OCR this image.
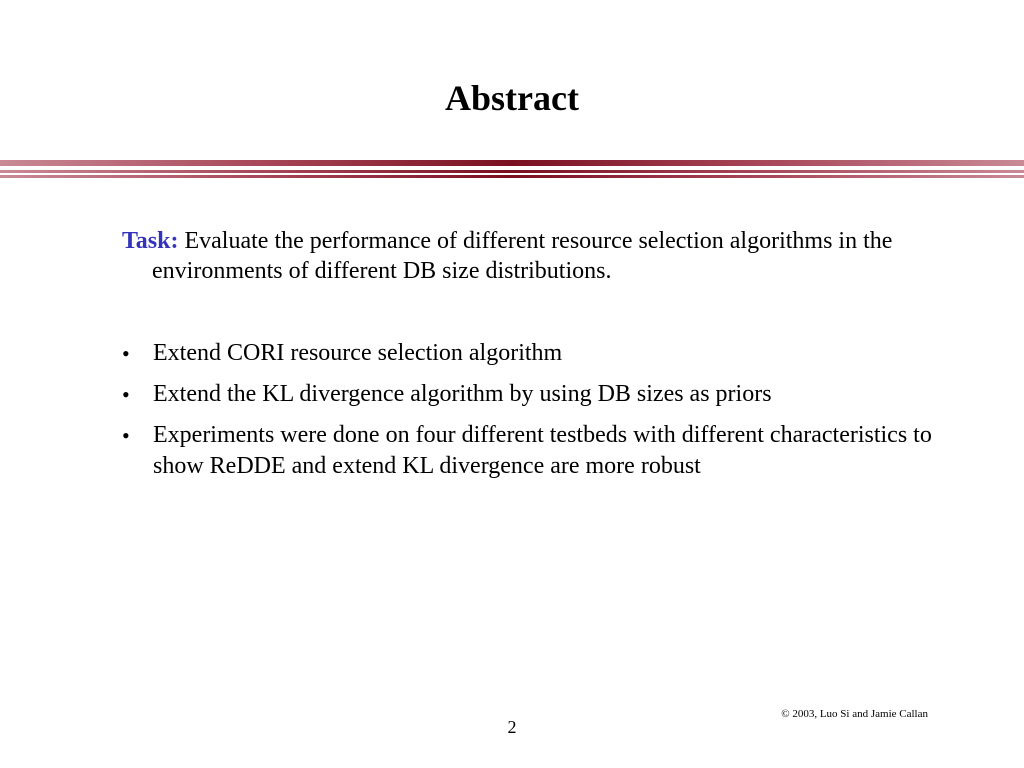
Abstract
Task: Evaluate the performance of different resource selection algorithms in the environments of different DB size distributions.
• Extend CORI resource selection algorithm
• Extend the KL divergence algorithm by using DB sizes as priors
• Experiments were done on four different testbeds with different characteristics to show ReDDE and extend KL divergence are more robust
© 2003, Luo Si and Jamie Callan
2
